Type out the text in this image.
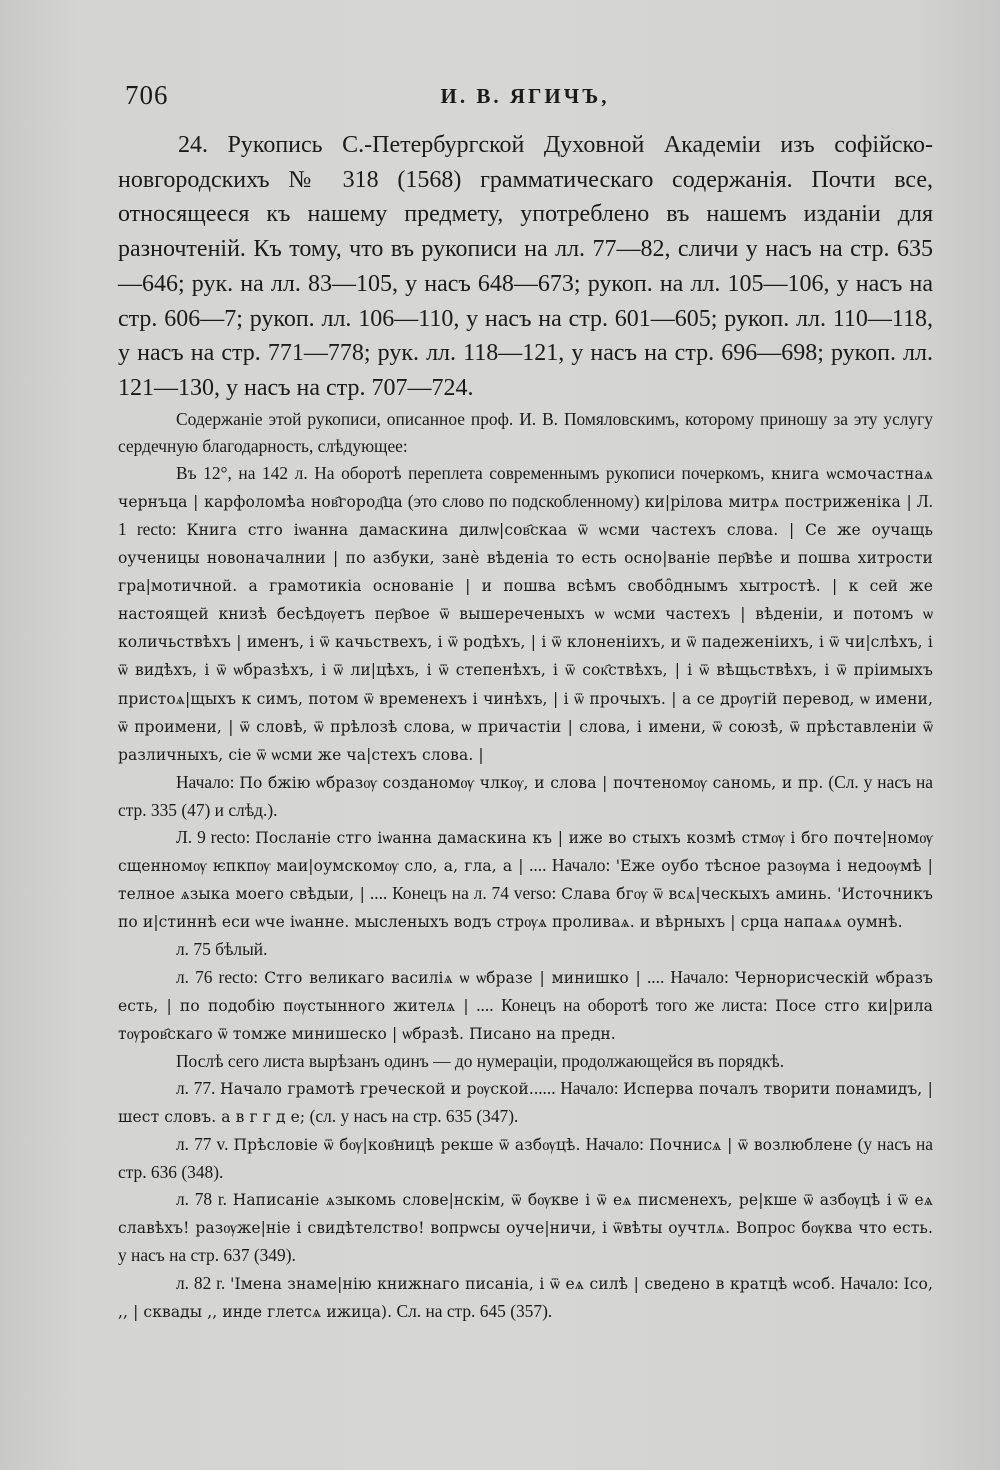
706	И. В. ЯГИЧЪ,

24. Рукопись С.-Петербургской Духовной Академіи изъ софійско-новгородскихъ № 318 (1568) грамматическаго содержанія. Почти все, относящееся къ нашему предмету, употреблено въ нашемъ изданіи для разночтеній. Къ тому, что въ рукописи на лл. 77—82, сличи у насъ на стр. 635—646; рук. на лл. 83—105, у насъ 648—673; рукоп. на лл. 105—106, у насъ на стр. 606—7; рукоп. лл. 106—110, у насъ на стр. 601—605; рукоп. лл. 110—118, у насъ на стр. 771—778; рук. лл. 118—121, у насъ на стр. 696—698; рукоп. лл. 121—130, у насъ на стр. 707—724.

Содержаніе этой рукописи, описанное проф. И. В. Помяловскимъ, которому приношу за эту услугу сердечную благодарность, слѣдующее:

Въ 12°, на 142 л. На оборотѣ переплета современнымъ рукописи почеркомъ, книга ѡсмочастнаѧ чернъца | карфоломѣа нов҄город҄ца (это слово по подскобленному) ки|рілова митрѧ постриженіка | Л. 1 recto: Книга стго іѡанна дамаскина дилѡ|сов҄скаа ѿ ѡсми частехъ слова. | Се же оучащь оученицы новоначалнии | по азбуки, занѐ вѣденіа то есть осно|ваніе пер҄вѣе и пошва хитрости гра|мотичной. а грамотикіа основаніе | и пошва всѣмъ свобо̑днымъ хытростѣ. | к сей же настоящей книзѣ бесѣдѹетъ пер҄вое ѿ вышереченыхъ ѡ ѡсми частехъ | вѣденіи, и потомъ ѡ количьствѣхъ | именъ, і ѿ качьствехъ, і ѿ родѣхъ, | і ѿ клоненіихъ, и ѿ падеженіихъ, і ѿ чи|слѣхъ, і ѿ видѣхъ, і ѿ ѡбразѣхъ, і ѿ ли|цѣхъ, і ѿ степенѣхъ, і ѿ сок҄ствѣхъ, | і ѿ вѣщьствѣхъ, і ѿ пріимыхъ пристоѧ|щыхъ к симъ, потом ѿ временехъ і чинѣхъ, | і ѿ прочыхъ. | а се дрѹгій перевод, ѡ имени, ѿ проимени, | ѿ словѣ, ѿ прѣлозѣ слова, ѡ причастіи | слова, і имени, ѿ союзѣ, ѿ прѣставленіи ѿ различныхъ, сіе ѿ ѡсми же ча|стехъ слова. |

Начало: По бжію ѡбразѹ созданомѹ члкѹ, и слова | почтеномѹ саномь, и пр. (Сл. у насъ на стр. 335 (47) и слѣд.).

Л. 9 recto: Посланіе стго іѡанна дамаскина къ | иже во стыхъ козмѣ стмѹ і бго почте|номѹ сщенномѹ ѥпкпѹ маи|оумскомѹ сло, а, гла, а | .... Начало: 'Еже оубо тѣсное разѹма і недоѹмѣ | телное ѧзыка моего свѣдыи, | .... Конецъ на л. 74 verso: Слава бгѹ ѿ всѧ|ческыхъ аминь. 'Источникъ по и|стиннѣ еси ѡче іѡанне. мысленыхъ водъ стрѹѧ проливаѧ. и вѣрныхъ | срца напаѧѧ оумнѣ.

л. 75 бѣлый.

л. 76 recto: Стго великаго василіѧ ѡ ѡбразе | минишко | .... Начало: Чернорисческій ѡбразъ есть, | по подобію пѹстынного жителѧ | .... Конецъ на оборотѣ того же листа: Посе стго ки|рила тѹров҄скаго ѿ томже минишеско | ѡбразѣ. Писано на предн.

Послѣ сего листа вырѣзанъ одинъ — до нумераціи, продолжающейся въ порядкѣ.

л. 77. Начало грамотѣ греческой и рѹской...... Начало: Исперва почалъ творити понамидъ, | шест словъ. а в г г д е; (сл. у насъ на стр. 635 (347).

л. 77 v. Прѣсловіе ѿ бѹ|ков҄ницѣ рекше ѿ азбѹцѣ. Начало: Почнисѧ | ѿ возлюблене (у насъ на стр. 636 (348).

л. 78 r. Написаніе ѧзыкомь слове|нскім, ѿ бѹкве і ѿ еѧ писменехъ, ре|кше ѿ азбѹцѣ і ѿ еѧ славѣхъ! разѹже|ніе і свидѣтелство! вопрѡсы оуче|ничи, і ѿвѣты оучтлѧ. Вопрос бѹква что есть. у насъ на стр. 637 (349).

л. 82 r. 'Імена знаме|нію книжнаго писаніа, і ѿ еѧ силѣ | сведено в кратцѣ ѡсоб. Начало: Ісо, ,, | сквады ,, инде глетсѧ ижица). Сл. на стр. 645 (357).
